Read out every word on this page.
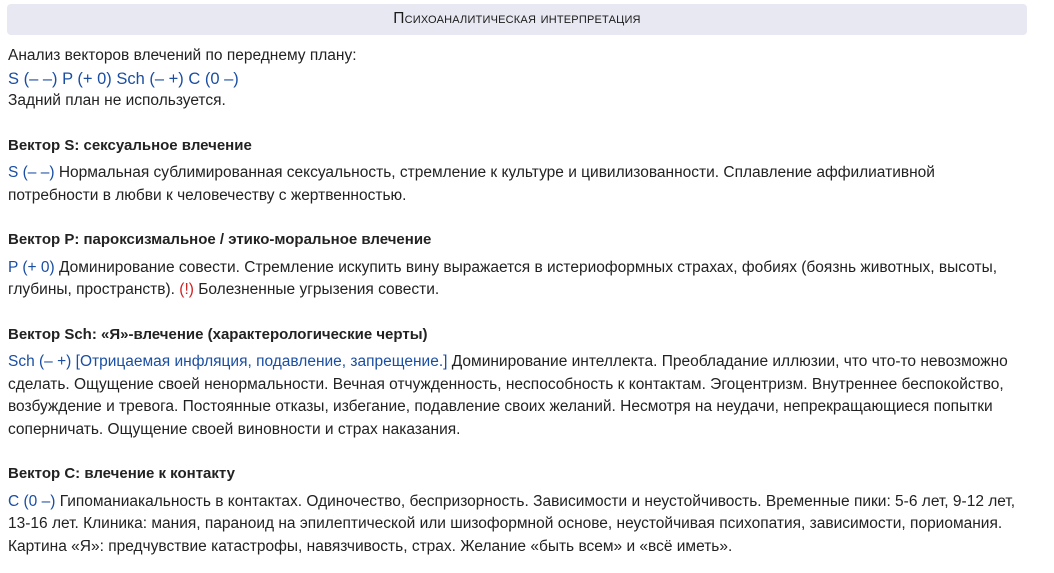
Психоаналитическая интерпретация
Анализ векторов влечений по переднему плану:
S (– –) P (+ 0) Sch (– +) C (0 –)
Задний план не используется.
Вектор S: сексуальное влечение
S (– –) Нормальная сублимированная сексуальность, стремление к культуре и цивилизованности. Сплавление аффилиативной потребности в любви к человечеству с жертвенностью.
Вектор P: пароксизмальное / этико-моральное влечение
P (+ 0) Доминирование совести. Стремление искупить вину выражается в истериоформных страхах, фобиях (боязнь животных, высоты, глубины, пространств). (!) Болезненные угрызения совести.
Вектор Sch: «Я»-влечение (характерологические черты)
Sch (– +) [Отрицаемая инфляция, подавление, запрещение.] Доминирование интеллекта. Преобладание иллюзии, что что-то невозможно сделать. Ощущение своей ненормальности. Вечная отчужденность, неспособность к контактам. Эгоцентризм. Внутреннее беспокойство, возбуждение и тревога. Постоянные отказы, избегание, подавление своих желаний. Несмотря на неудачи, непрекращающиеся попытки соперничать. Ощущение своей виновности и страх наказания.
Вектор C: влечение к контакту
C (0 –) Гипоманиакальность в контактах. Одиночество, беспризорность. Зависимости и неустойчивость. Временные пики: 5-6 лет, 9-12 лет, 13-16 лет. Клиника: мания, параноид на эпилептической или шизоформной основе, неустойчивая психопатия, зависимости, пориомания. Картина «Я»: предчувствие катастрофы, навязчивость, страх. Желание «быть всем» и «всё иметь».
